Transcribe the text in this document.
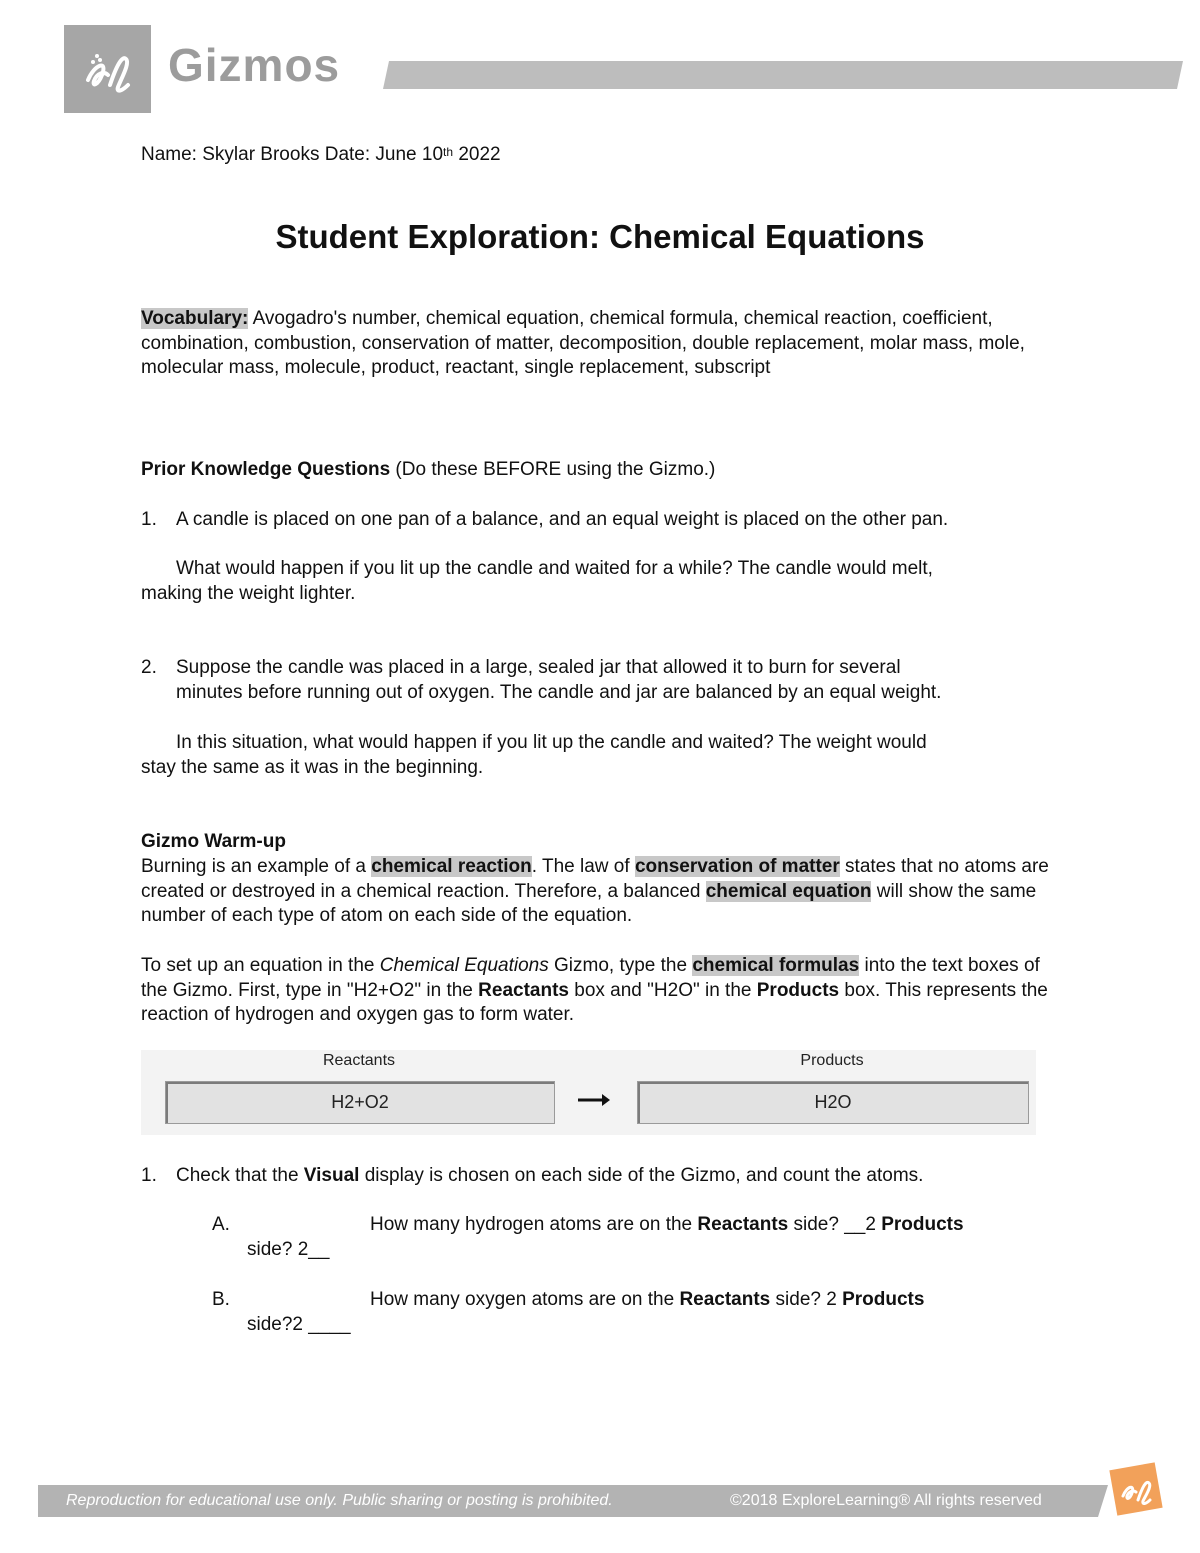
Gizmos
Name: Skylar Brooks Date: June 10th 2022
Student Exploration: Chemical Equations
Vocabulary: Avogadro's number, chemical equation, chemical formula, chemical reaction, coefficient, combination, combustion, conservation of matter, decomposition, double replacement, molar mass, mole, molecular mass, molecule, product, reactant, single replacement, subscript
Prior Knowledge Questions (Do these BEFORE using the Gizmo.)
1. A candle is placed on one pan of a balance, and an equal weight is placed on the other pan.
What would happen if you lit up the candle and waited for a while? The candle would melt,
making the weight lighter.
2. Suppose the candle was placed in a large, sealed jar that allowed it to burn for several
minutes before running out of oxygen. The candle and jar are balanced by an equal weight.
In this situation, what would happen if you lit up the candle and waited? The weight would
stay the same as it was in the beginning.
Gizmo Warm-up
Burning is an example of a chemical reaction. The law of conservation of matter states that no atoms are created or destroyed in a chemical reaction. Therefore, a balanced chemical equation will show the same number of each type of atom on each side of the equation.
To set up an equation in the Chemical Equations Gizmo, type the chemical formulas into the text boxes of the Gizmo. First, type in "H2+O2" in the Reactants box and "H2O" in the Products box. This represents the reaction of hydrogen and oxygen gas to form water.
Reactants
H2+O2
Products
H2O
1. Check that the Visual display is chosen on each side of the Gizmo, and count the atoms.
A.	How many hydrogen atoms are on the Reactants side? __2 Products
side? 2__
B.	How many oxygen atoms are on the Reactants side? 2 Products
side?2 ____
Reproduction for educational use only. Public sharing or posting is prohibited.	©2018 ExploreLearning® All rights reserved
